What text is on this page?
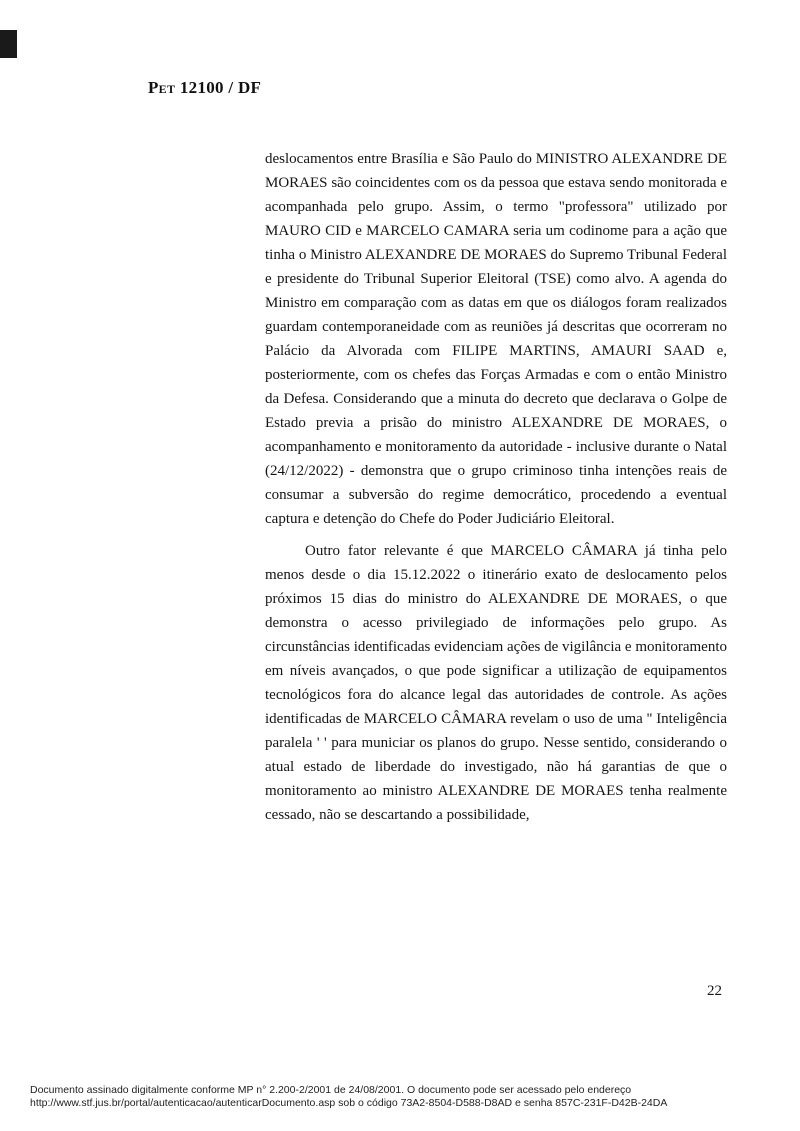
Pet 12100 / DF

deslocamentos entre Brasília e São Paulo do MINISTRO ALEXANDRE DE MORAES são coincidentes com os da pessoa que estava sendo monitorada e acompanhada pelo grupo. Assim, o termo "professora" utilizado por MAURO CID e MARCELO CAMARA seria um codinome para a ação que tinha o Ministro ALEXANDRE DE MORAES do Supremo Tribunal Federal e presidente do Tribunal Superior Eleitoral (TSE) como alvo. A agenda do Ministro em comparação com as datas em que os diálogos foram realizados guardam contemporaneidade com as reuniões já descritas que ocorreram no Palácio da Alvorada com FILIPE MARTINS, AMAURI SAAD e, posteriormente, com os chefes das Forças Armadas e com o então Ministro da Defesa. Considerando que a minuta do decreto que declarava o Golpe de Estado previa a prisão do ministro ALEXANDRE DE MORAES, o acompanhamento e monitoramento da autoridade - inclusive durante o Natal (24/12/2022) - demonstra que o grupo criminoso tinha intenções reais de consumar a subversão do regime democrático, procedendo a eventual captura e detenção do Chefe do Poder Judiciário Eleitoral.

Outro fator relevante é que MARCELO CÂMARA já tinha pelo menos desde o dia 15.12.2022 o itinerário exato de deslocamento pelos próximos 15 dias do ministro do ALEXANDRE DE MORAES, o que demonstra o acesso privilegiado de informações pelo grupo. As circunstâncias identificadas evidenciam ações de vigilância e monitoramento em níveis avançados, o que pode significar a utilização de equipamentos tecnológicos fora do alcance legal das autoridades de controle. As ações identificadas de MARCELO CÂMARA revelam o uso de uma '' Inteligência paralela ' ' para municiar os planos do grupo. Nesse sentido, considerando o atual estado de liberdade do investigado, não há garantias de que o monitoramento ao ministro ALEXANDRE DE MORAES tenha realmente cessado, não se descartando a possibilidade,

22
Documento assinado digitalmente conforme MP n° 2.200-2/2001 de 24/08/2001. O documento pode ser acessado pelo endereço
http://www.stf.jus.br/portal/autenticacao/autenticarDocumento.asp sob o código 73A2-8504-D588-D8AD e senha 857C-231F-D42B-24DA
